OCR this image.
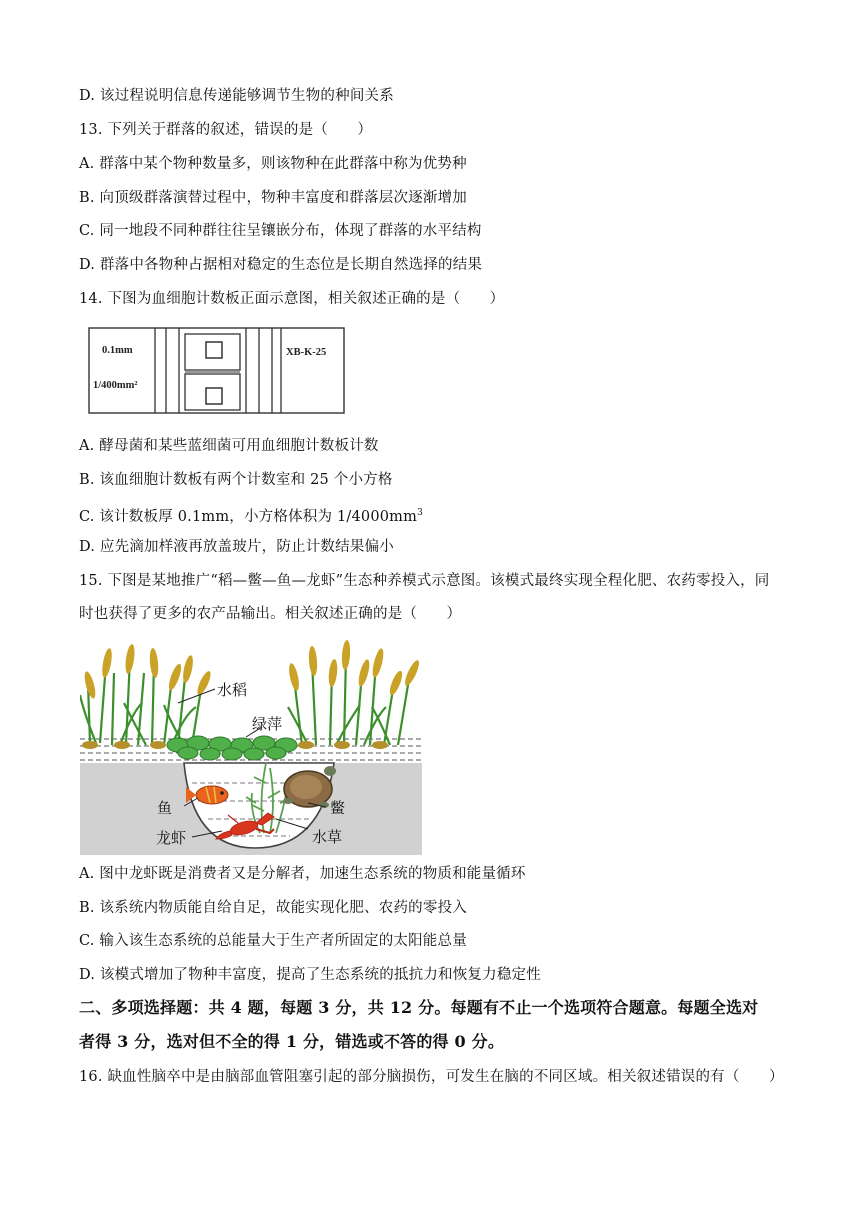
D. 该过程说明信息传递能够调节生物的种间关系
13. 下列关于群落的叙述，错误的是（　　）
A. 群落中某个物种数量多，则该物种在此群落中称为优势种
B. 向顶级群落演替过程中，物种丰富度和群落层次逐渐增加
C. 同一地段不同种群往往呈镶嵌分布，体现了群落的水平结构
D. 群落中各物种占据相对稳定的生态位是长期自然选择的结果
14. 下图为血细胞计数板正面示意图，相关叙述正确的是（　　）
0.1mm
1/400mm²
XB-K-25
A. 酵母菌和某些蓝细菌可用血细胞计数板计数
B. 该血细胞计数板有两个计数室和 25 个小方格
C. 该计数板厚 0.1mm，小方格体积为 $1/4000mm^3$
D. 应先滴加样液再放盖玻片，防止计数结果偏小
15. 下图是某地推广“稻—鳖—鱼—龙虾”生态种养模式示意图。该模式最终实现全程化肥、农药零投入，同
时也获得了更多的农产品输出。相关叙述正确的是（　　）
水稻
绿萍
鱼	鳖
龙虾	水草
A. 图中龙虾既是消费者又是分解者，加速生态系统的物质和能量循环
B. 该系统内物质能自给自足，故能实现化肥、农药的零投入
C. 输入该生态系统的总能量大于生产者所固定的太阳能总量
D. 该模式增加了物种丰富度，提高了生态系统的抵抗力和恢复力稳定性
二、多项选择题：共 4 题，每题 3 分，共 12 分。每题有不止一个选项符合题意。每题全选对
者得 3 分，选对但不全的得 1 分，错选或不答的得 0 分。
16. 缺血性脑卒中是由脑部血管阻塞引起的部分脑损伤，可发生在脑的不同区域。相关叙述错误的有（　　）
